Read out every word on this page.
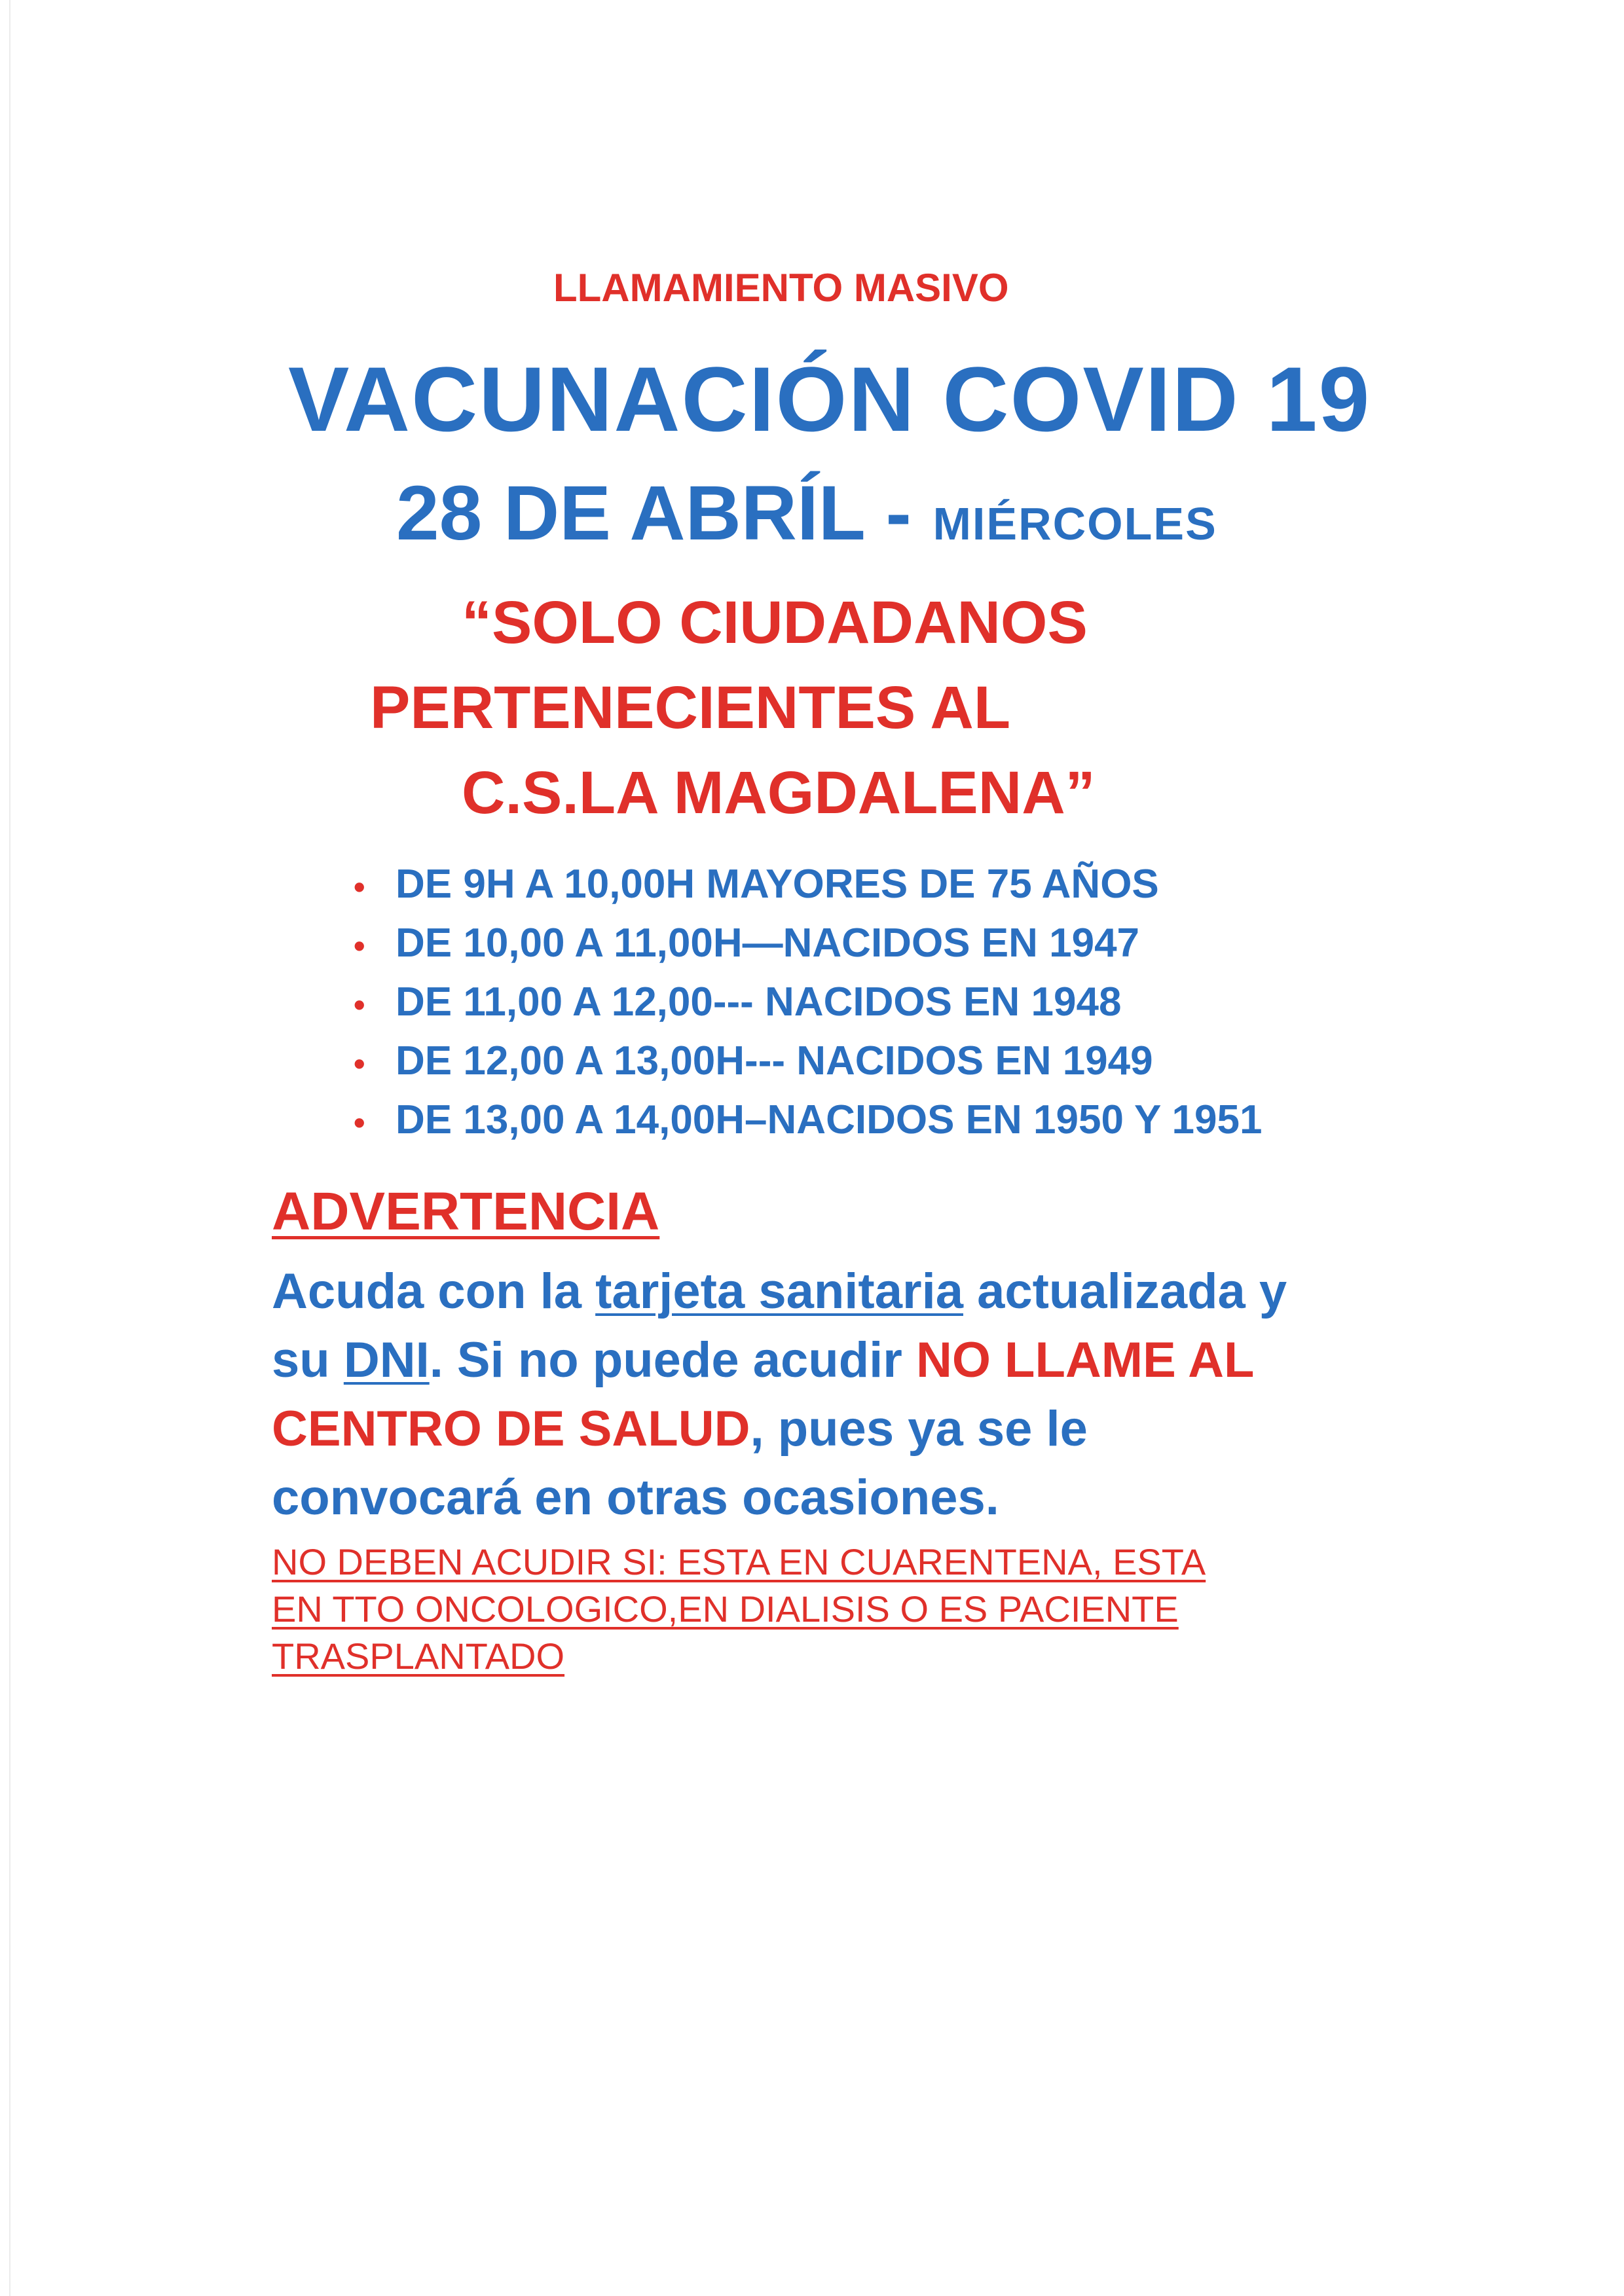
LLAMAMIENTO MASIVO
VACUNACIÓN COVID 19
28 DE ABRÍL - MIÉRCOLES
“SOLO CIUDADANOS
PERTENECIENTES AL
C.S.LA MAGDALENA”
• DE 9H A 10,00H MAYORES DE 75 AÑOS
• DE 10,00 A 11,00H—NACIDOS EN 1947
• DE 11,00 A 12,00--- NACIDOS EN 1948
• DE 12,00 A 13,00H--- NACIDOS EN 1949
• DE 13,00 A 14,00H–NACIDOS EN 1950 Y 1951
ADVERTENCIA
Acuda con la tarjeta sanitaria actualizada y
su DNI. Si no puede acudir NO LLAME AL
CENTRO DE SALUD, pues ya se le
convocará en otras ocasiones.
NO DEBEN ACUDIR SI: ESTA EN CUARENTENA, ESTA
EN TTO ONCOLOGICO,EN DIALISIS O ES PACIENTE
TRASPLANTADO
